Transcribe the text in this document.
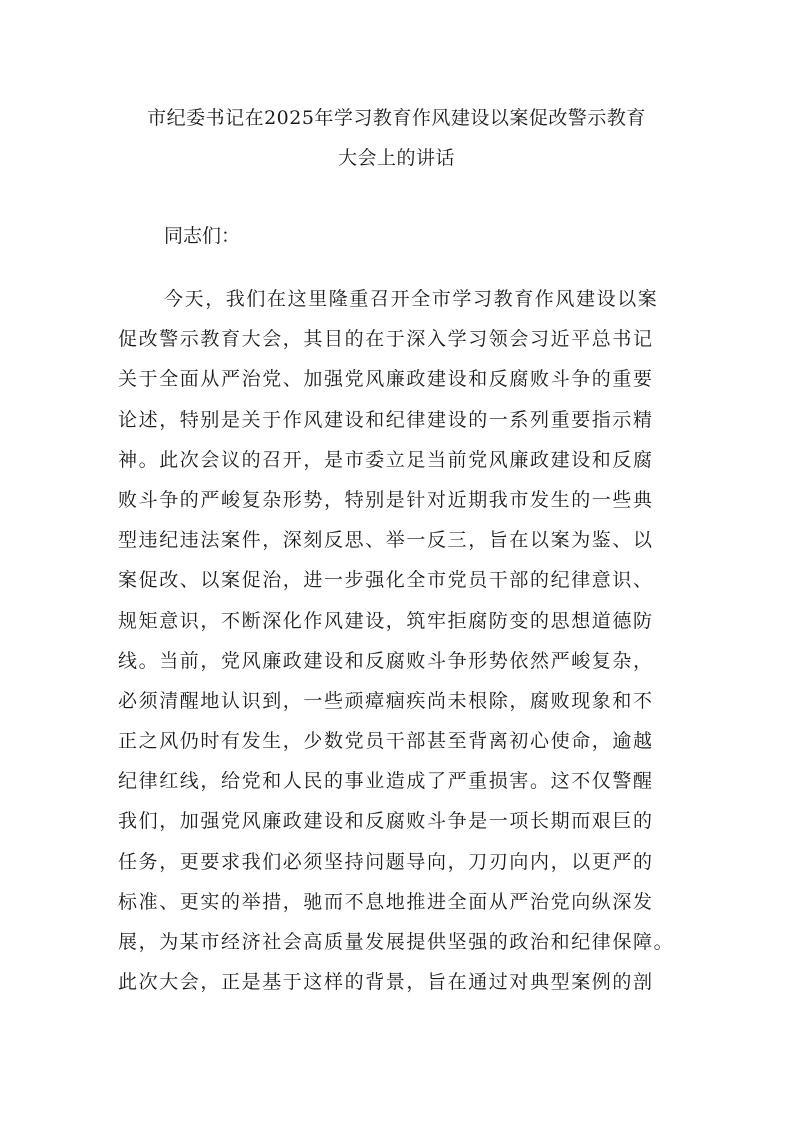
市纪委书记在2025年学习教育作风建设以案促改警示教育
大会上的讲话
同志们：
今天，我们在这里隆重召开全市学习教育作风建设以案
促改警示教育大会，其目的在于深入学习领会习近平总书记
关于全面从严治党、加强党风廉政建设和反腐败斗争的重要
论述，特别是关于作风建设和纪律建设的一系列重要指示精
神。此次会议的召开，是市委立足当前党风廉政建设和反腐
败斗争的严峻复杂形势，特别是针对近期我市发生的一些典
型违纪违法案件，深刻反思、举一反三，旨在以案为鉴、以
案促改、以案促治，进一步强化全市党员干部的纪律意识、
规矩意识，不断深化作风建设，筑牢拒腐防变的思想道德防
线。当前，党风廉政建设和反腐败斗争形势依然严峻复杂，
必须清醒地认识到，一些顽瘴痼疾尚未根除，腐败现象和不
正之风仍时有发生，少数党员干部甚至背离初心使命，逾越
纪律红线，给党和人民的事业造成了严重损害。这不仅警醒
我们，加强党风廉政建设和反腐败斗争是一项长期而艰巨的
任务，更要求我们必须坚持问题导向，刀刃向内，以更严的
标准、更实的举措，驰而不息地推进全面从严治党向纵深发
展，为某市经济社会高质量发展提供坚强的政治和纪律保障。
此次大会，正是基于这样的背景，旨在通过对典型案例的剖
